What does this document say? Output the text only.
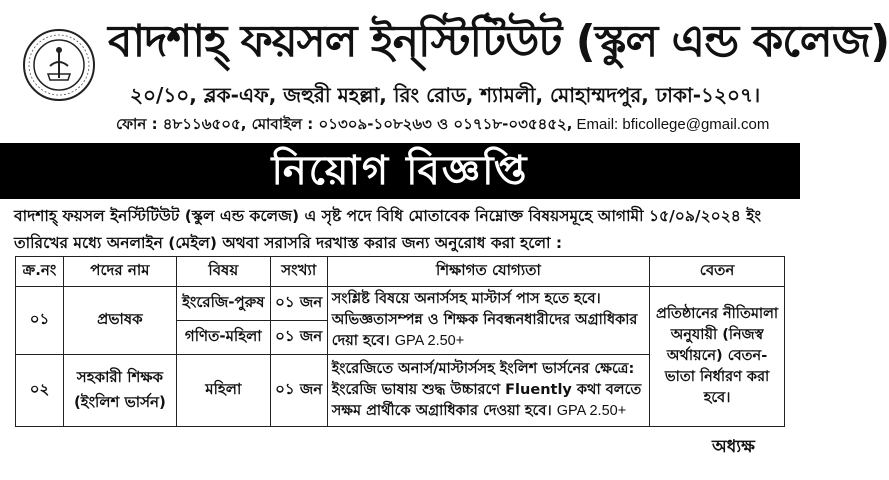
বাদশাহ্ ফয়সল ইন্‌স্টিটিউট (স্কুল এন্ড কলেজ)
২০/১০, ব্লক-এফ, জহুরী মহল্লা, রিং রোড, শ্যামলী, মোহাম্মদপুর, ঢাকা-১২০৭।
ফোন : ৪৮১১৬৫০৫, মোবাইল : ০১৩০৯-১০৮২৬৩ ও ০১৭১৮-০৩৫৪৫২, Email: bficollege@gmail.com
নিয়োগ বিজ্ঞপ্তি
বাদশাহ্ ফয়সল ইনস্টিটিউট (স্কুল এন্ড কলেজ) এ সৃষ্ট পদে বিধি মোতাবেক নিম্নোক্ত বিষয়সমূহে আগামী ১৫/০৯/২০২৪ ইং তারিখের মধ্যে অনলাইন (মেইল) অথবা সরাসরি দরখাস্ত করার জন্য অনুরোধ করা হলো :
ক্র.নং	পদের নাম	বিষয়	সংখ্যা	শিক্ষাগত যোগ্যতা	বেতন
০১	প্রভাষক	ইংরেজি-পুরুষ	০১ জন	সংশ্লিষ্ট বিষয়ে অনার্সসহ মাস্টার্স পাস হতে হবে। অভিজ্ঞতাসম্পন্ন ও শিক্ষক নিবন্ধনধারীদের অগ্রাধিকার দেয়া হবে। GPA 2.50+	প্রতিষ্ঠানের নীতিমালা অনুযায়ী (নিজস্ব অর্থায়নে) বেতন-ভাতা নির্ধারণ করা হবে।
		গণিত-মহিলা	০১ জন		
০২	সহকারী শিক্ষক (ইংলিশ ভার্সন)	মহিলা	০১ জন	ইংরেজিতে অনার্স/মাস্টার্সসহ ইংলিশ ভার্সনের ক্ষেত্রে: ইংরেজি ভাষায় শুদ্ধ উচ্চারণে Fluently কথা বলতে সক্ষম প্রার্থীকে অগ্রাধিকার দেওয়া হবে। GPA 2.50+	
অধ্যক্ষ
